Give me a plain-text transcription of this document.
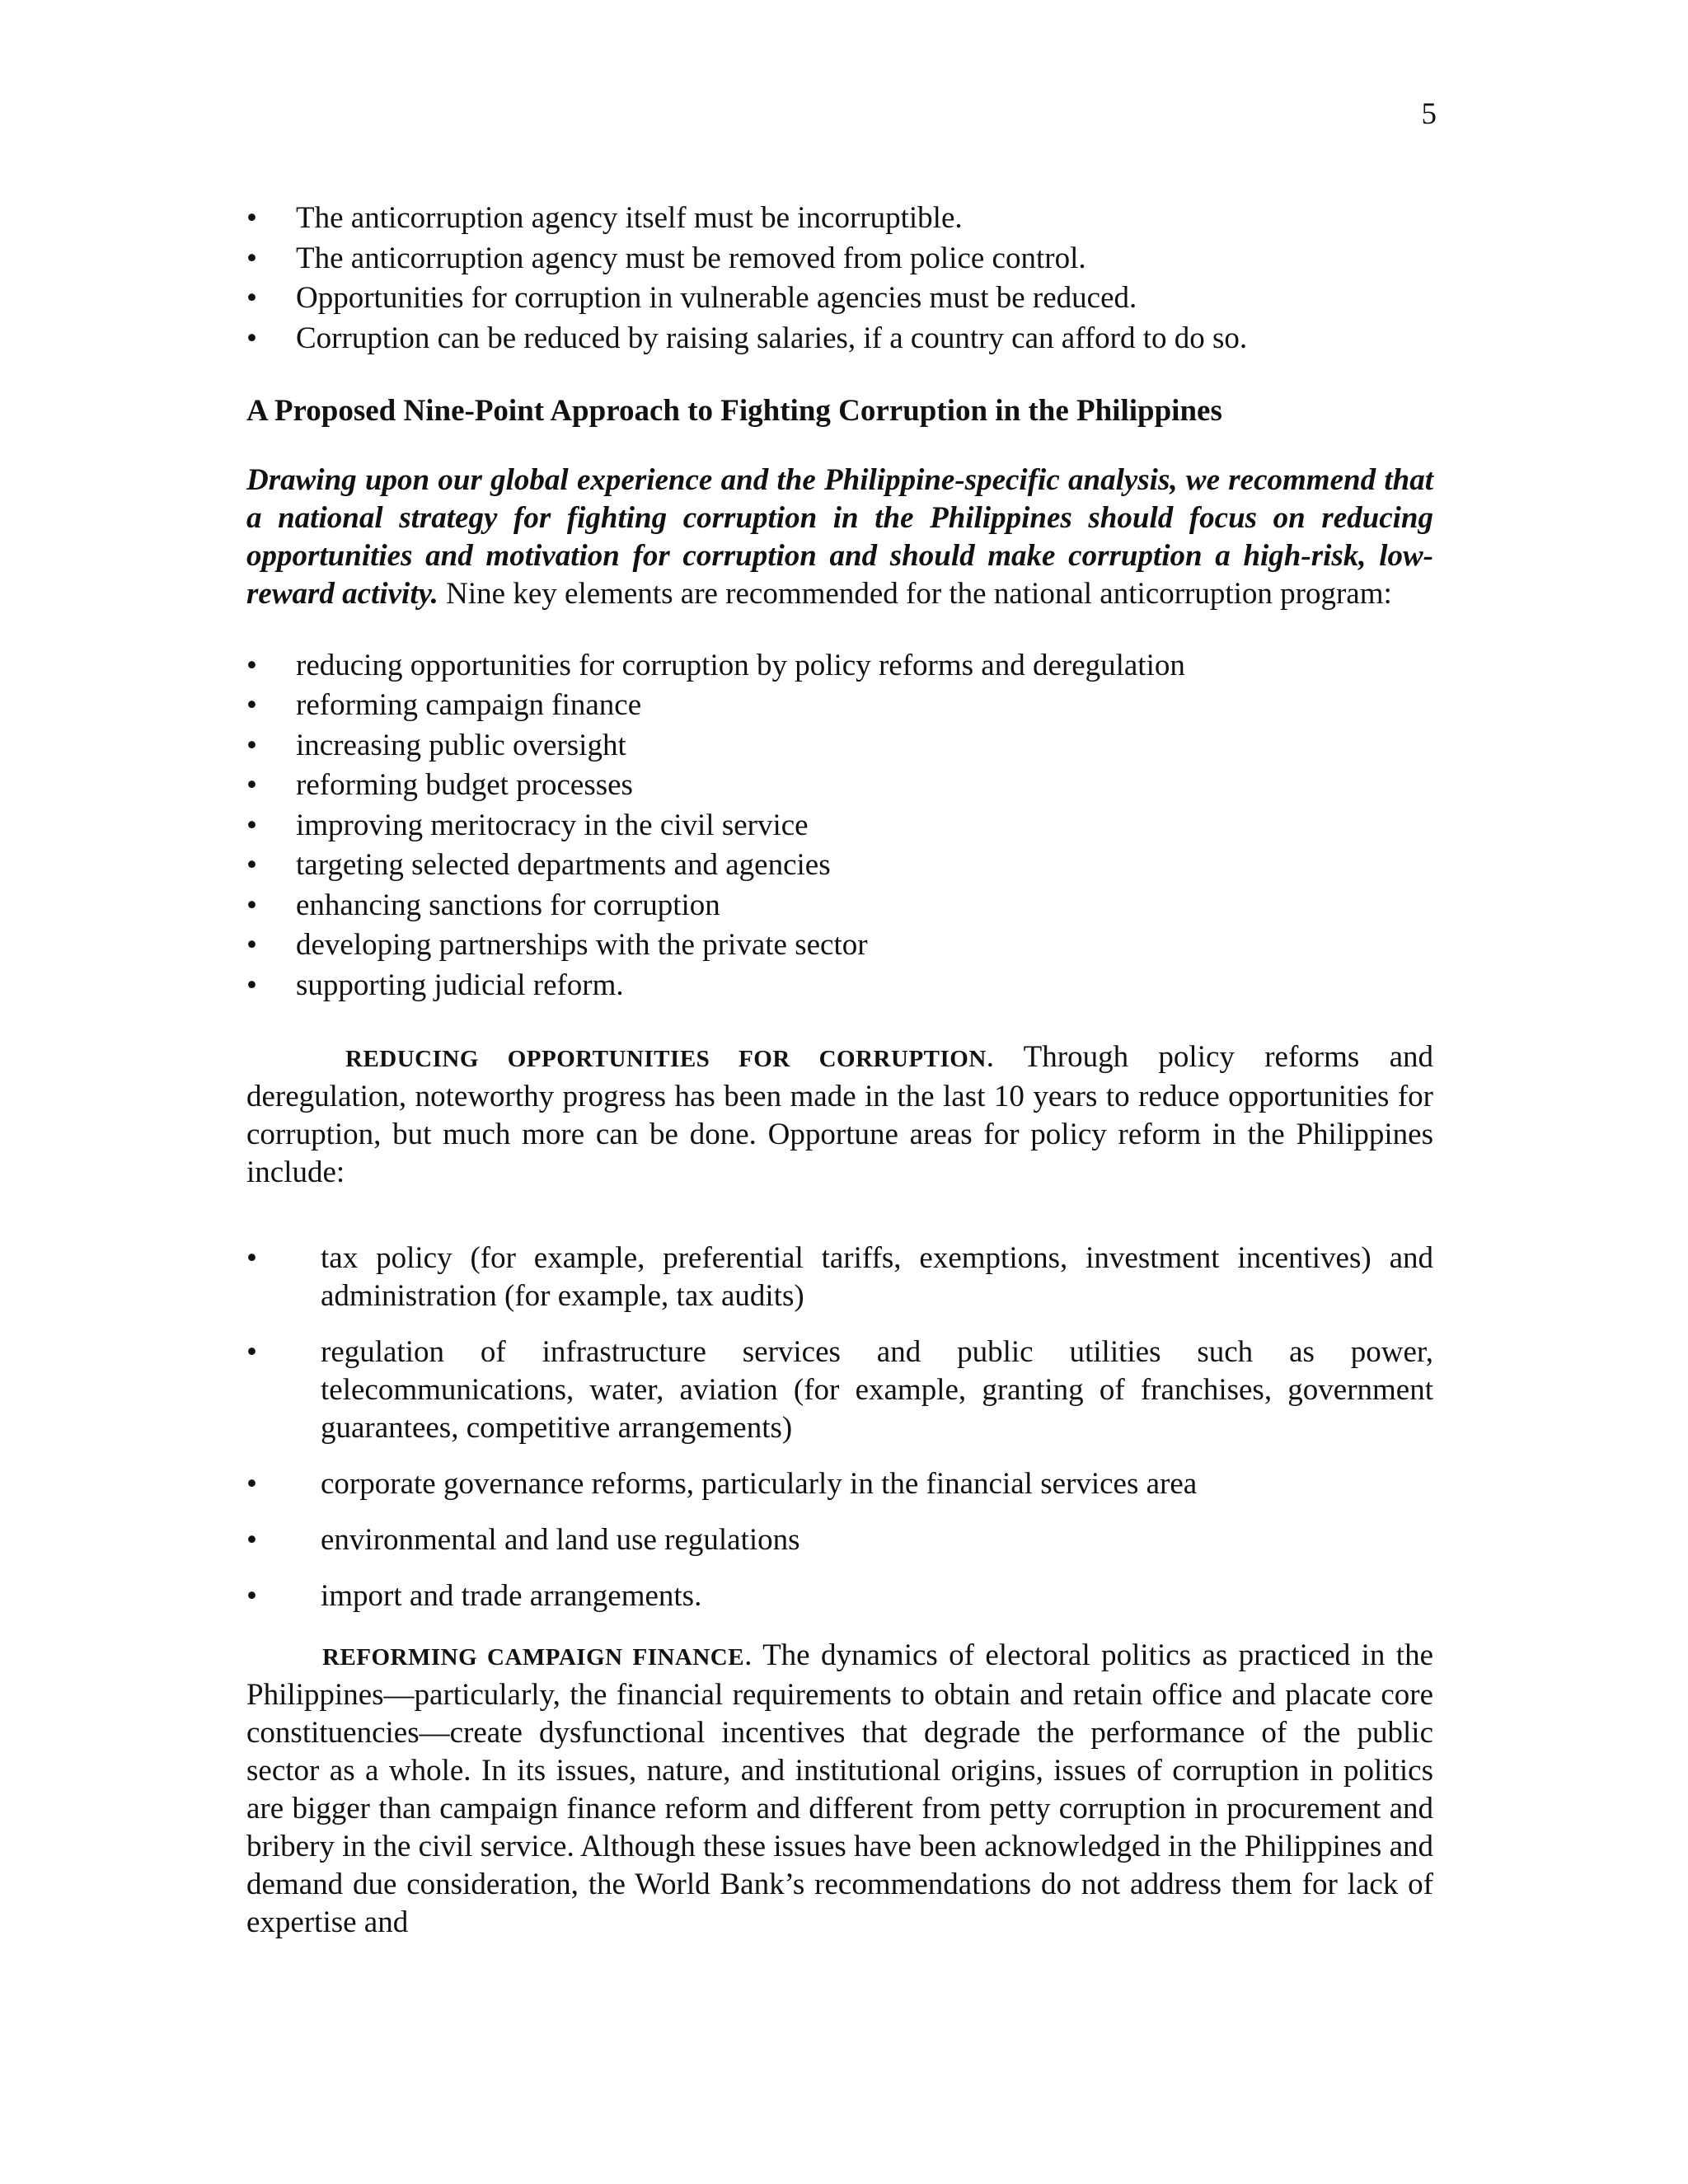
5
• The anticorruption agency itself must be incorruptible.
• The anticorruption agency must be removed from police control.
• Opportunities for corruption in vulnerable agencies must be reduced.
• Corruption can be reduced by raising salaries, if a country can afford to do so.
A Proposed Nine-Point Approach to Fighting Corruption in the Philippines

Drawing upon our global experience and the Philippine-specific analysis, we recommend that a national strategy for fighting corruption in the Philippines should focus on reducing opportunities and motivation for corruption and should make corruption a high-risk, low-reward activity. Nine key elements are recommended for the national anticorruption program:

• reducing opportunities for corruption by policy reforms and deregulation
• reforming campaign finance
• increasing public oversight
• reforming budget processes
• improving meritocracy in the civil service
• targeting selected departments and agencies
• enhancing sanctions for corruption
• developing partnerships with the private sector
• supporting judicial reform.

REDUCING OPPORTUNITIES FOR CORRUPTION. Through policy reforms and deregulation, noteworthy progress has been made in the last 10 years to reduce opportunities for corruption, but much more can be done. Opportune areas for policy reform in the Philippines include:

• tax policy (for example, preferential tariffs, exemptions, investment incentives) and administration (for example, tax audits)
• regulation of infrastructure services and public utilities such as power, telecommunications, water, aviation (for example, granting of franchises, government guarantees, competitive arrangements)
• corporate governance reforms, particularly in the financial services area
• environmental and land use regulations
• import and trade arrangements.

REFORMING CAMPAIGN FINANCE. The dynamics of electoral politics as practiced in the Philippines—particularly, the financial requirements to obtain and retain office and placate core constituencies—create dysfunctional incentives that degrade the performance of the public sector as a whole. In its issues, nature, and institutional origins, issues of corruption in politics are bigger than campaign finance reform and different from petty corruption in procurement and bribery in the civil service. Although these issues have been acknowledged in the Philippines and demand due consideration, the World Bank’s recommendations do not address them for lack of expertise and
